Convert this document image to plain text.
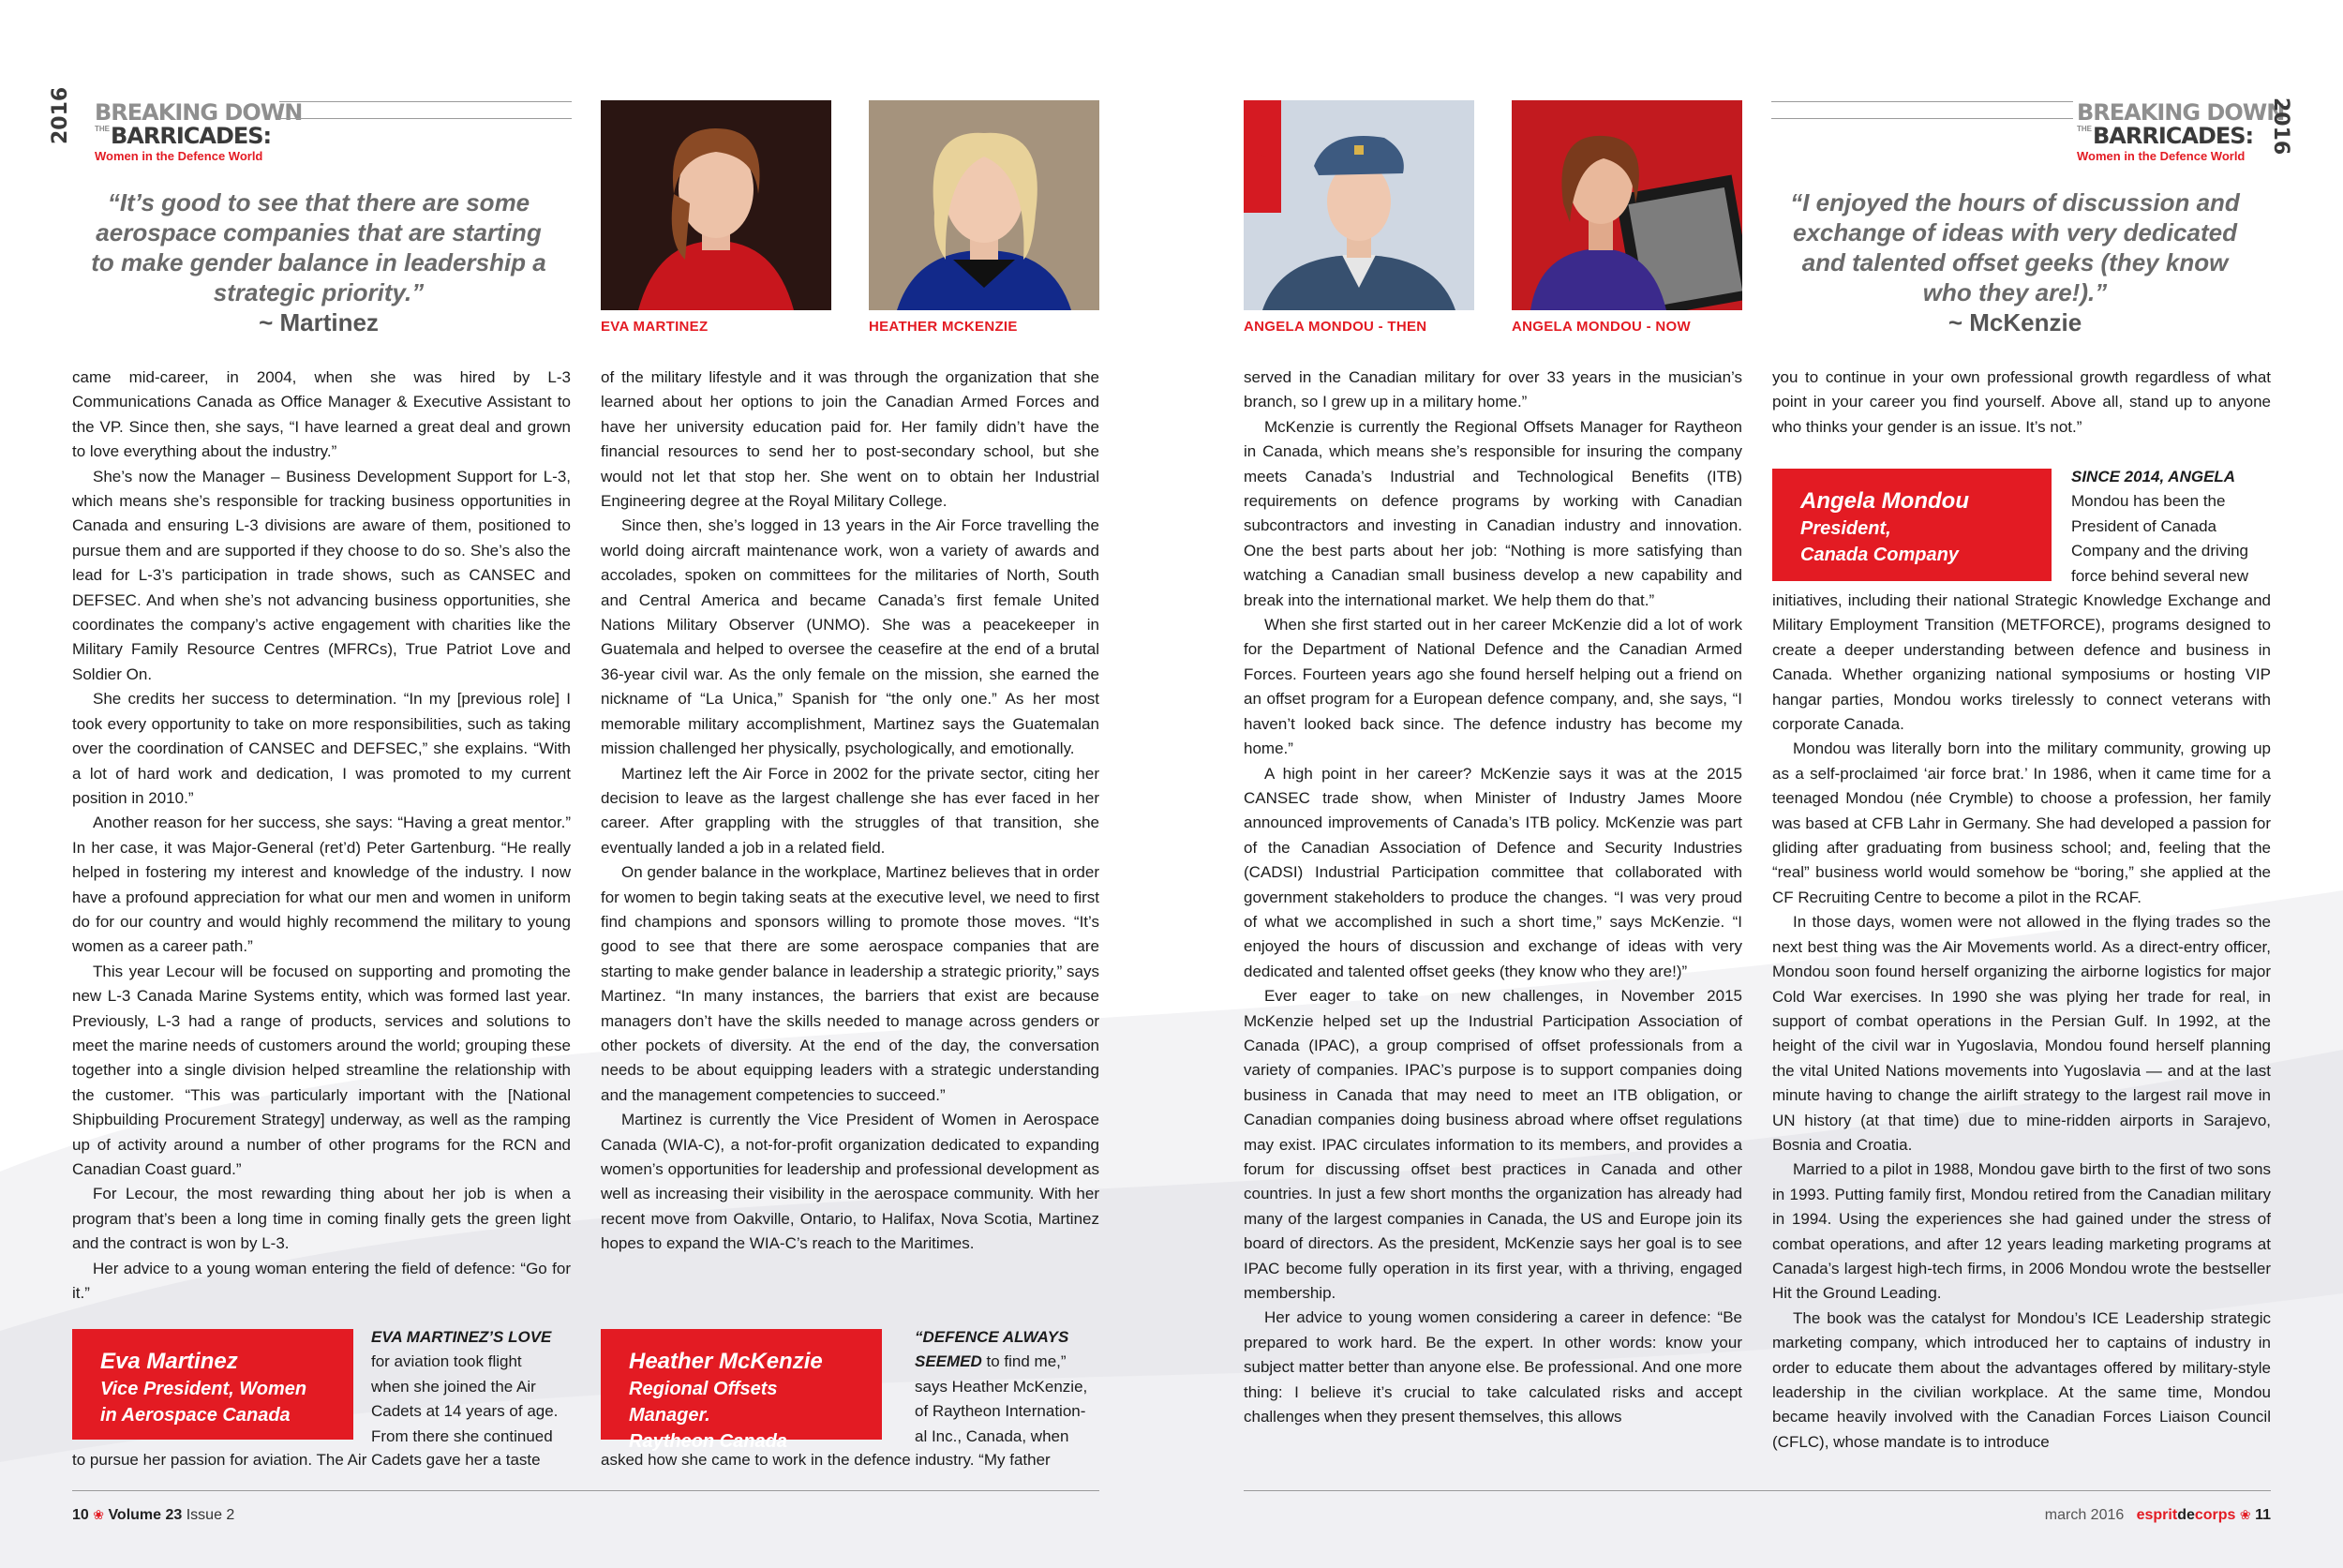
2016 BREAKING DOWN
THE BARRICADES:
Women in the Defence World
BREAKING DOWN
THE BARRICADES:
Women in the Defence World
2016
“It’s good to see that there are some aerospace companies that are starting to make gender balance in leadership a strategic priority.”
~ Martinez
“I enjoyed the hours of discussion and exchange of ideas with very dedicated and talented offset geeks (they know who they are!).”
~ McKenzie
EVA MARTINEZ	HEATHER MCKENZIE	ANGELA MONDOU - THEN	ANGELA MONDOU - NOW

came mid-career, in 2004, when she was hired by L-3 Communications Canada as Office Manager & Executive Assistant to the VP. Since then, she says, “I have learned a great deal and grown to love everything about the industry.”

She’s now the Manager – Business Development Support for L-3, which means she’s responsible for tracking business opportunities in Canada and ensuring L-3 divisions are aware of them, positioned to pursue them and are supported if they choose to do so. She’s also the lead for L-3’s participation in trade shows, such as CANSEC and DEFSEC. And when she’s not advancing business opportunities, she coordinates the company’s active engagement with charities like the Military Family Resource Centres (MFRCs), True Patriot Love and Soldier On.

She credits her success to determination. “In my [previous role] I took every opportunity to take on more responsibilities, such as taking over the coordination of CANSEC and DEFSEC,” she explains. “With a lot of hard work and dedication, I was promoted to my current position in 2010.”

Another reason for her success, she says: “Having a great mentor.” In her case, it was Major-General (ret’d) Peter Gartenburg. “He really helped in fostering my interest and knowledge of the industry. I now have a profound appreciation for what our men and women in uniform do for our country and would highly recommend the military to young women as a career path.”

This year Lecour will be focused on supporting and promoting the new L-3 Canada Marine Systems entity, which was formed last year. Previously, L-3 had a range of products, services and solutions to meet the marine needs of customers around the world; grouping these together into a single division helped streamline the relationship with the customer. “This was particularly important with the [National Shipbuilding Procurement Strategy] underway, as well as the ramping up of activity around a number of other programs for the RCN and Canadian Coast guard.”

For Lecour, the most rewarding thing about her job is when a program that’s been a long time in coming finally gets the green light and the contract is won by L-3.

Her advice to a young woman entering the field of defence: “Go for it.”

Eva Martinez
Vice President, Women
in Aerospace Canada
EVA MARTINEZ’S LOVE
for aviation took flight
when she joined the Air
Cadets at 14 years of age.
From there she continued
to pursue her passion for aviation. The Air Cadets gave her a taste

of the military lifestyle and it was through the organization that she learned about her options to join the Canadian Armed Forces and have her university education paid for. Her family didn’t have the financial resources to send her to post-secondary school, but she would not let that stop her. She went on to obtain her Industrial Engineering degree at the Royal Military College.

Since then, she’s logged in 13 years in the Air Force travelling the world doing aircraft maintenance work, won a variety of awards and accolades, spoken on committees for the militaries of North, South and Central America and became Canada’s first female United Nations Military Observer (UNMO). She was a peacekeeper in Guatemala and helped to oversee the ceasefire at the end of a brutal 36-year civil war. As the only female on the mission, she earned the nickname of “La Unica,” Spanish for “the only one.” As her most memorable military accomplishment, Martinez says the Guatemalan mission challenged her physically, psychologically, and emotionally.

Martinez left the Air Force in 2002 for the private sector, citing her decision to leave as the largest challenge she has ever faced in her career. After grappling with the struggles of that transition, she eventually landed a job in a related field.

On gender balance in the workplace, Martinez believes that in order for women to begin taking seats at the executive level, we need to first find champions and sponsors willing to promote those moves. “It’s good to see that there are some aerospace companies that are starting to make gender balance in leadership a strategic priority,” says Martinez. “In many instances, the barriers that exist are because managers don’t have the skills needed to manage across genders or other pockets of diversity. At the end of the day, the conversation needs to be about equipping leaders with a strategic understanding and the management competencies to succeed.”

Martinez is currently the Vice President of Women in Aerospace Canada (WIA-C), a not-for-profit organization dedicated to expanding women’s opportunities for leadership and professional development as well as increasing their visibility in the aerospace community. With her recent move from Oakville, Ontario, to Halifax, Nova Scotia, Martinez hopes to expand the WIA-C’s reach to the Maritimes.

Heather McKenzie
Regional Offsets Manager.
Raytheon Canada
“DEFENCE ALWAYS
SEEMED to find me,”
says Heather McKenzie,
of Raytheon Internation-
al Inc., Canada, when
asked how she came to work in the defence industry. “My father

served in the Canadian military for over 33 years in the musician’s branch, so I grew up in a military home.”

McKenzie is currently the Regional Offsets Manager for Raytheon in Canada, which means she’s responsible for insuring the company meets Canada’s Industrial and Technological Benefits (ITB) requirements on defence programs by working with Canadian subcontractors and investing in Canadian industry and innovation. One the best parts about her job: “Nothing is more satisfying than watching a Canadian small business develop a new capability and break into the international market. We help them do that.”

When she first started out in her career McKenzie did a lot of work for the Department of National Defence and the Canadian Armed Forces. Fourteen years ago she found herself helping out a friend on an offset program for a European defence company, and, she says, “I haven’t looked back since. The defence industry has become my home.”

A high point in her career? McKenzie says it was at the 2015 CANSEC trade show, when Minister of Industry James Moore announced improvements of Canada’s ITB policy. McKenzie was part of the Canadian Association of Defence and Security Industries (CADSI) Industrial Participation committee that collaborated with government stakeholders to produce the changes. “I was very proud of what we accomplished in such a short time,” says McKenzie. “I enjoyed the hours of discussion and exchange of ideas with very dedicated and talented offset geeks (they know who they are!)”

Ever eager to take on new challenges, in November 2015 McKenzie helped set up the Industrial Participation Association of Canada (IPAC), a group comprised of offset professionals from a variety of companies. IPAC’s purpose is to support companies doing business in Canada that may need to meet an ITB obligation, or Canadian companies doing business abroad where offset regulations may exist. IPAC circulates information to its members, and provides a forum for discussing offset best practices in Canada and other countries. In just a few short months the organization has already had many of the largest companies in Canada, the US and Europe join its board of directors. As the president, McKenzie says her goal is to see IPAC become fully operation in its first year, with a thriving, engaged membership.

Her advice to young women considering a career in defence: “Be prepared to work hard. Be the expert. In other words: know your subject matter better than anyone else. Be professional. And one more thing: I believe it’s crucial to take calculated risks and accept challenges when they present themselves, this allows

you to continue in your own professional growth regardless of what point in your career you find yourself. Above all, stand up to anyone who thinks your gender is an issue. It’s not.”

Angela Mondou
President,
Canada Company
SINCE 2014, ANGELA
Mondou has been the
President of Canada
Company and the driving
force behind several new

initiatives, including their national Strategic Knowledge Exchange and Military Employment Transition (METFORCE), programs designed to create a deeper understanding between defence and business in Canada. Whether organizing national symposiums or hosting VIP hangar parties, Mondou works tirelessly to connect veterans with corporate Canada.

Mondou was literally born into the military community, growing up as a self-proclaimed ‘air force brat.’ In 1986, when it came time for a teenaged Mondou (née Crymble) to choose a profession, her family was based at CFB Lahr in Germany. She had developed a passion for gliding after graduating from business school; and, feeling that the “real” business world would somehow be “boring,” she applied at the CF Recruiting Centre to become a pilot in the RCAF.

In those days, women were not allowed in the flying trades so the next best thing was the Air Movements world. As a direct-entry officer, Mondou soon found herself organizing the airborne logistics for major Cold War exercises. In 1990 she was plying her trade for real, in support of combat operations in the Persian Gulf. In 1992, at the height of the civil war in Yugoslavia, Mondou found herself planning the vital United Nations movements into Yugoslavia — and at the last minute having to change the airlift strategy to the largest rail move in UN history (at that time) due to mine-ridden airports in Sarajevo, Bosnia and Croatia.

Married to a pilot in 1988, Mondou gave birth to the first of two sons in 1993. Putting family first, Mondou retired from the Canadian military in 1994. Using the experiences she had gained under the stress of combat operations, and after 12 years leading marketing programs at Canada’s largest high-tech firms, in 2006 Mondou wrote the bestseller Hit the Ground Leading.

The book was the catalyst for Mondou’s ICE Leadership strategic marketing company, which introduced her to captains of industry in order to educate them about the advantages offered by military-style leadership in the civilian workplace. At the same time, Mondou became heavily involved with the Canadian Forces Liaison Council (CFLC), whose mandate is to introduce

10 ❀ Volume 23 Issue 2	march 2016 espritdecorps ❀ 11
